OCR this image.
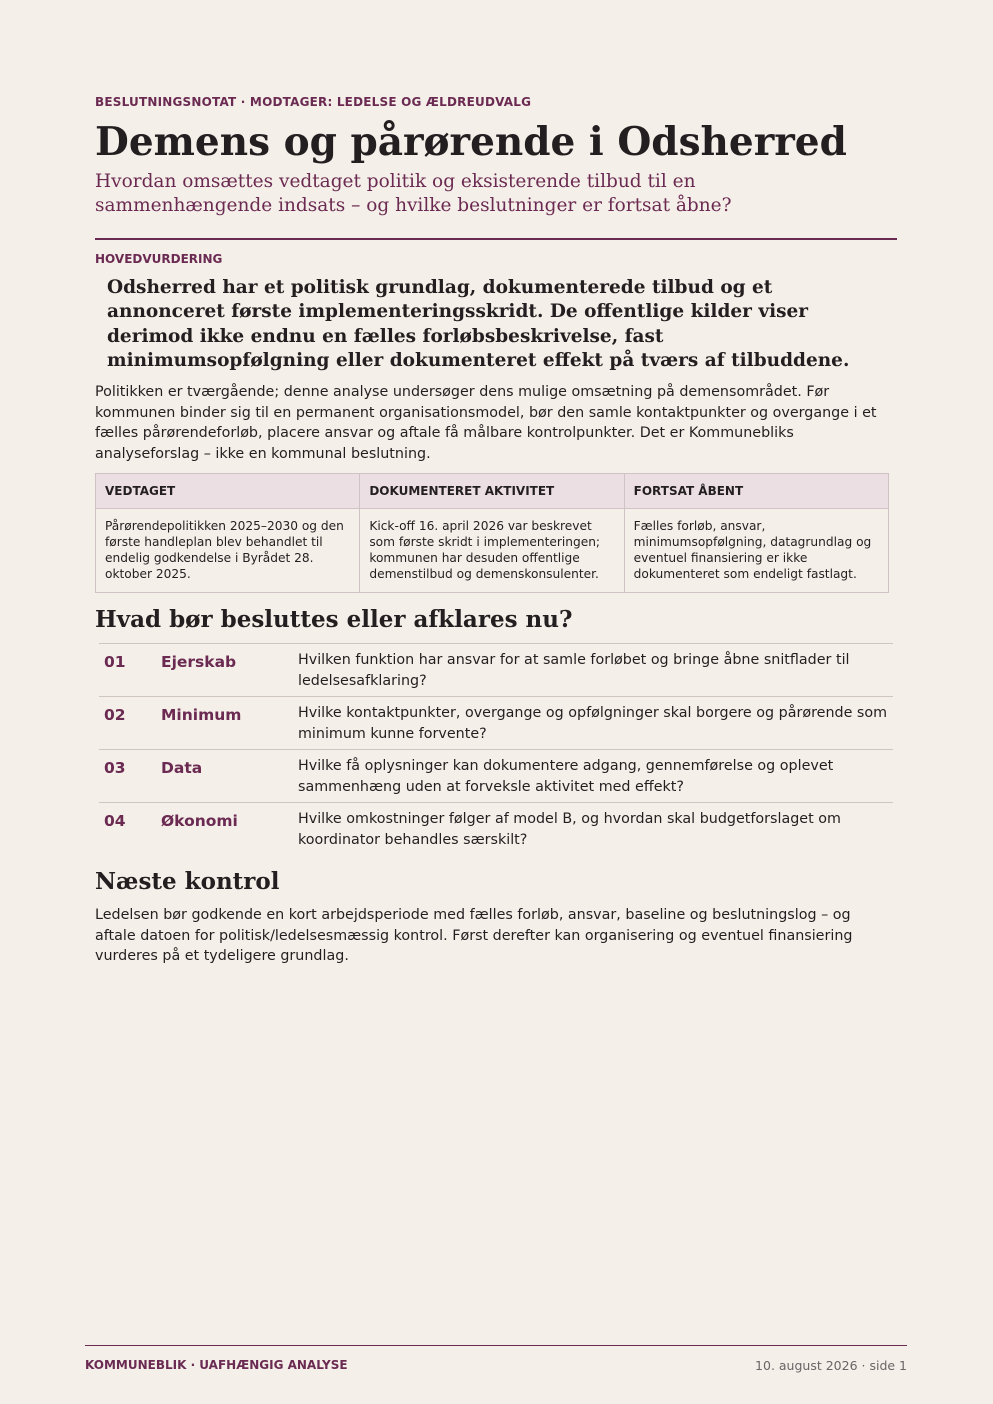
BESLUTNINGSNOTAT · MODTAGER: LEDELSE OG ÆLDREUDVALG
Demens og pårørende i Odsherred

Hvordan omsættes vedtaget politik og eksisterende tilbud til en sammenhængende indsats – og hvilke beslutninger er fortsat åbne?

HOVEDVURDERING

Odsherred har et politisk grundlag, dokumenterede tilbud og et annonceret første implementeringsskridt. De offentlige kilder viser derimod ikke endnu en fælles forløbsbeskrivelse, fast minimumsopfølgning eller dokumenteret effekt på tværs af tilbuddene.

Politikken er tværgående; denne analyse undersøger dens mulige omsætning på demensområdet. Før kommunen binder sig til en permanent organisationsmodel, bør den samle kontaktpunkter og overgange i et fælles pårørendeforløb, placere ansvar og aftale få målbare kontrolpunkter. Det er Kommunebliks analyseforslag – ikke en kommunal beslutning.

VEDTAGET	DOKUMENTERET AKTIVITET	FORTSAT ÅBENT
Pårørendepolitikken 2025–2030 og den første handleplan blev behandlet til endelig godkendelse i Byrådet 28. oktober 2025.	Kick-off 16. april 2026 var beskrevet som første skridt i implementeringen; kommunen har desuden offentlige demenstilbud og demenskonsulenter.	Fælles forløb, ansvar, minimumsopfølgning, datagrundlag og eventuel finansiering er ikke dokumenteret som endeligt fastlagt.
Hvad bør besluttes eller afklares nu?
01 Ejerskab	Hvilken funktion har ansvar for at samle forløbet og bringe åbne snitflader til ledelsesafklaring?
02 Minimum	Hvilke kontaktpunkter, overgange og opfølgninger skal borgere og pårørende som minimum kunne forvente?
03 Data	Hvilke få oplysninger kan dokumentere adgang, gennemførelse og oplevet sammenhæng uden at forveksle aktivitet med effekt?
04 Økonomi	Hvilke omkostninger følger af model B, og hvordan skal budgetforslaget om koordinator behandles særskilt?
Næste kontrol

Ledelsen bør godkende en kort arbejdsperiode med fælles forløb, ansvar, baseline og beslutningslog – og aftale datoen for politisk/ledelsesmæssig kontrol. Først derefter kan organisering og eventuel finansiering vurderes på et tydeligere grundlag.

KOMMUNEBLIK · UAFHÆNGIG ANALYSE	10. august 2026 · side 1
